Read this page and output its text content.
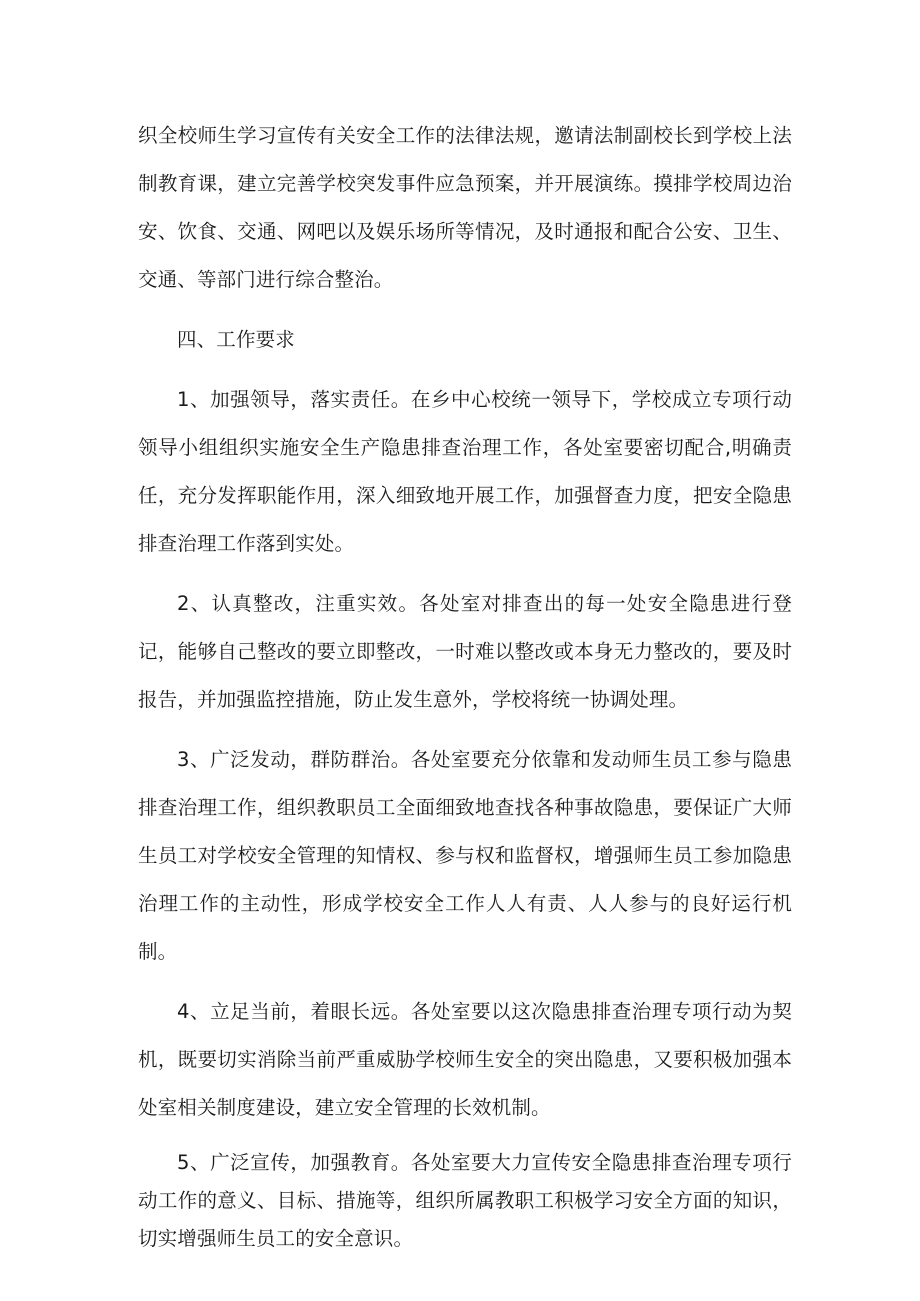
织全校师生学习宣传有关安全工作的法律法规，邀请法制副校长到学校上法制教育课，建立完善学校突发事件应急预案，并开展演练。摸排学校周边治安、饮食、交通、网吧以及娱乐场所等情况，及时通报和配合公安、卫生、交通、等部门进行综合整治。

四、工作要求

1、加强领导，落实责任。在乡中心校统一领导下，学校成立专项行动领导小组组织实施安全生产隐患排查治理工作，各处室要密切配合,明确责任，充分发挥职能作用，深入细致地开展工作，加强督查力度，把安全隐患排查治理工作落到实处。

2、认真整改，注重实效。各处室对排查出的每一处安全隐患进行登记，能够自己整改的要立即整改，一时难以整改或本身无力整改的，要及时报告，并加强监控措施，防止发生意外，学校将统一协调处理。

3、广泛发动，群防群治。各处室要充分依靠和发动师生员工参与隐患排查治理工作，组织教职员工全面细致地查找各种事故隐患，要保证广大师生员工对学校安全管理的知情权、参与权和监督权，增强师生员工参加隐患治理工作的主动性，形成学校安全工作人人有责、人人参与的良好运行机制。

4、立足当前，着眼长远。各处室要以这次隐患排查治理专项行动为契机，既要切实消除当前严重威胁学校师生安全的突出隐患，又要积极加强本处室相关制度建设，建立安全管理的长效机制。

5、广泛宣传，加强教育。各处室要大力宣传安全隐患排查治理专项行动工作的意义、目标、措施等，组织所属教职工积极学习安全方面的知识，切实增强师生员工的安全意识。
